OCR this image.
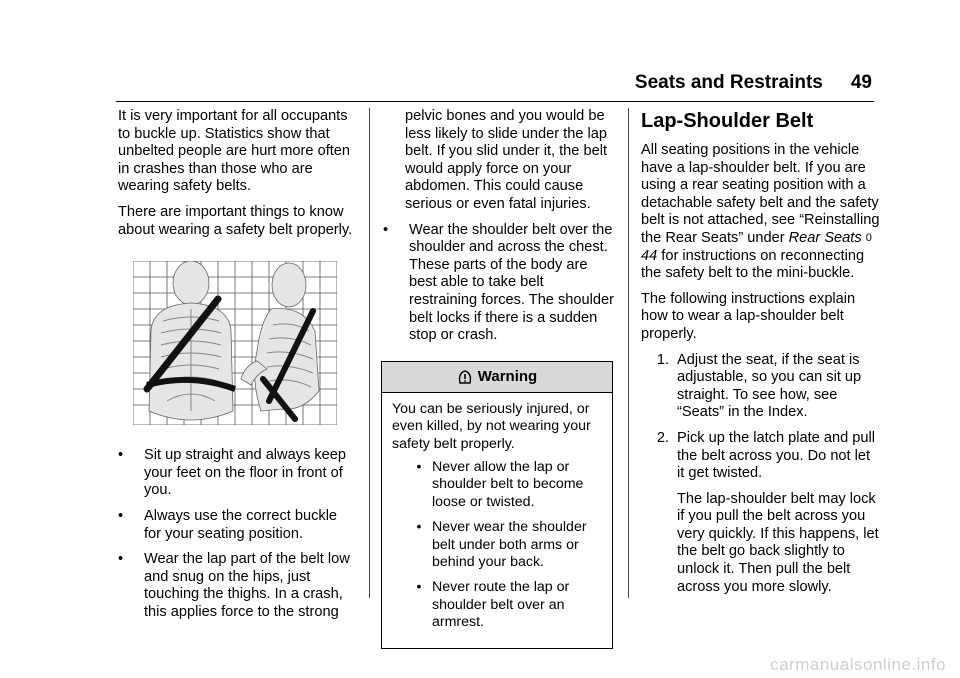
Seats and Restraints 49

It is very important for all occupants to buckle up. Statistics show that unbelted people are hurt more often in crashes than those who are wearing safety belts.

There are important things to know about wearing a safety belt properly.

•	Sit up straight and always keep your feet on the floor in front of you.
•	Always use the correct buckle for your seating position.
•	Wear the lap part of the belt low and snug on the hips, just touching the thighs. In a crash, this applies force to the strong

pelvic bones and you would be less likely to slide under the lap belt. If you slid under it, the belt would apply force on your abdomen. This could cause serious or even fatal injuries.

•	Wear the shoulder belt over the shoulder and across the chest. These parts of the body are best able to take belt restraining forces. The shoulder belt locks if there is a sudden stop or crash.
Warning

You can be seriously injured, or even killed, by not wearing your safety belt properly.

• Never allow the lap or shoulder belt to become loose or twisted.
• Never wear the shoulder belt under both arms or behind your back.
• Never route the lap or shoulder belt over an armrest.
Lap-Shoulder Belt

All seating positions in the vehicle have a lap-shoulder belt. If you are using a rear seating position with a detachable safety belt and the safety belt is not attached, see “Reinstalling the Rear Seats” under Rear Seats 0 44 for instructions on reconnecting the safety belt to the mini-buckle.

The following instructions explain how to wear a lap-shoulder belt properly.

1. Adjust the seat, if the seat is adjustable, so you can sit up straight. To see how, see “Seats” in the Index.
2. Pick up the latch plate and pull the belt across you. Do not let it get twisted.
The lap-shoulder belt may lock if you pull the belt across you very quickly. If this happens, let the belt go back slightly to unlock it. Then pull the belt across you more slowly.
carmanualsonline.info
